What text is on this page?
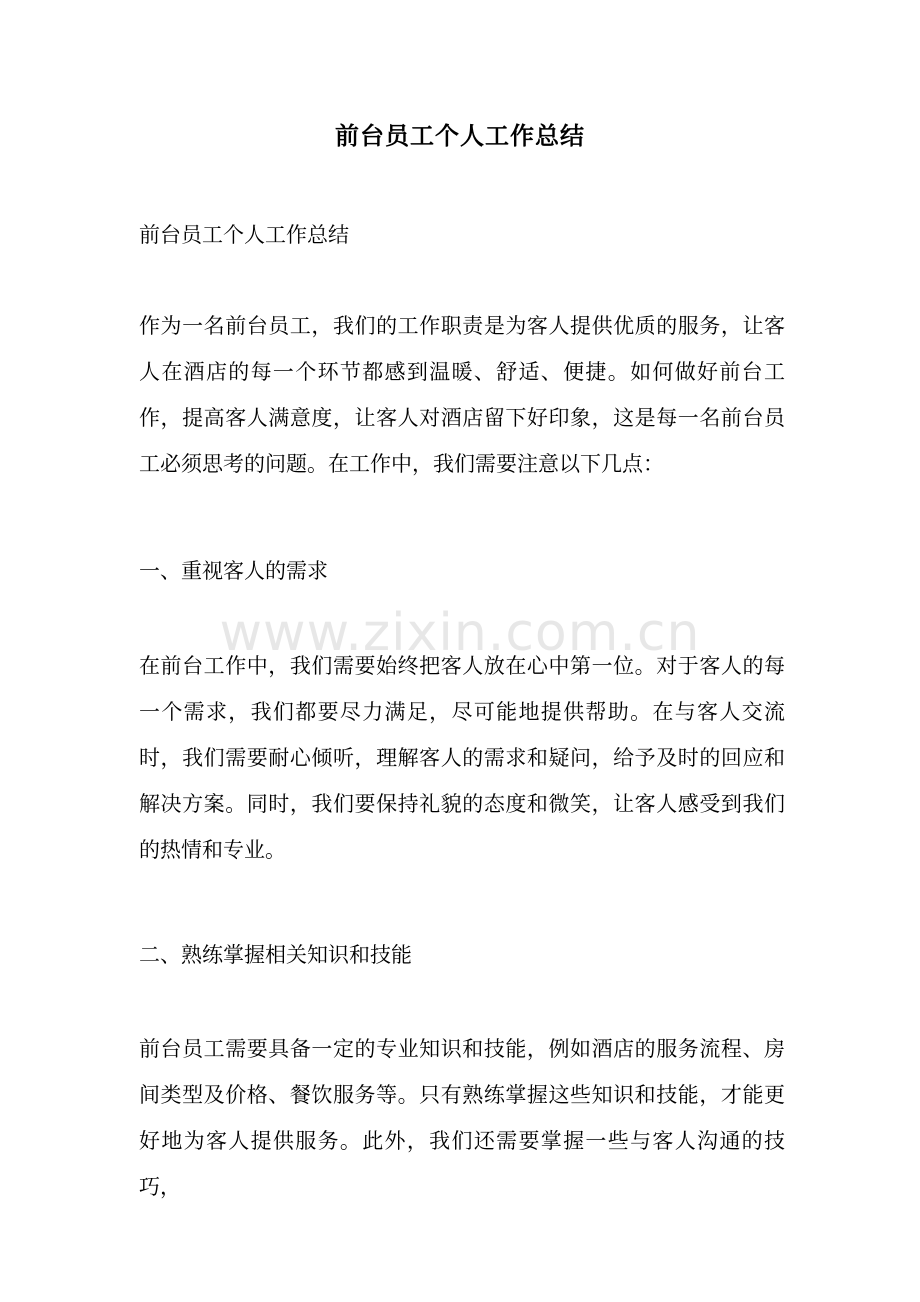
前台员工个人工作总结
前台员工个人工作总结
作为一名前台员工，我们的工作职责是为客人提供优质的服务，让客人在酒店的每一个环节都感到温暖、舒适、便捷。如何做好前台工作，提高客人满意度，让客人对酒店留下好印象，这是每一名前台员工必须思考的问题。在工作中，我们需要注意以下几点：
一、重视客人的需求
在前台工作中，我们需要始终把客人放在心中第一位。对于客人的每一个需求，我们都要尽力满足，尽可能地提供帮助。在与客人交流时，我们需要耐心倾听，理解客人的需求和疑问，给予及时的回应和解决方案。同时，我们要保持礼貌的态度和微笑，让客人感受到我们的热情和专业。
二、熟练掌握相关知识和技能
前台员工需要具备一定的专业知识和技能，例如酒店的服务流程、房间类型及价格、餐饮服务等。只有熟练掌握这些知识和技能，才能更好地为客人提供服务。此外，我们还需要掌握一些与客人沟通的技巧，
www.zixin.com.cn
